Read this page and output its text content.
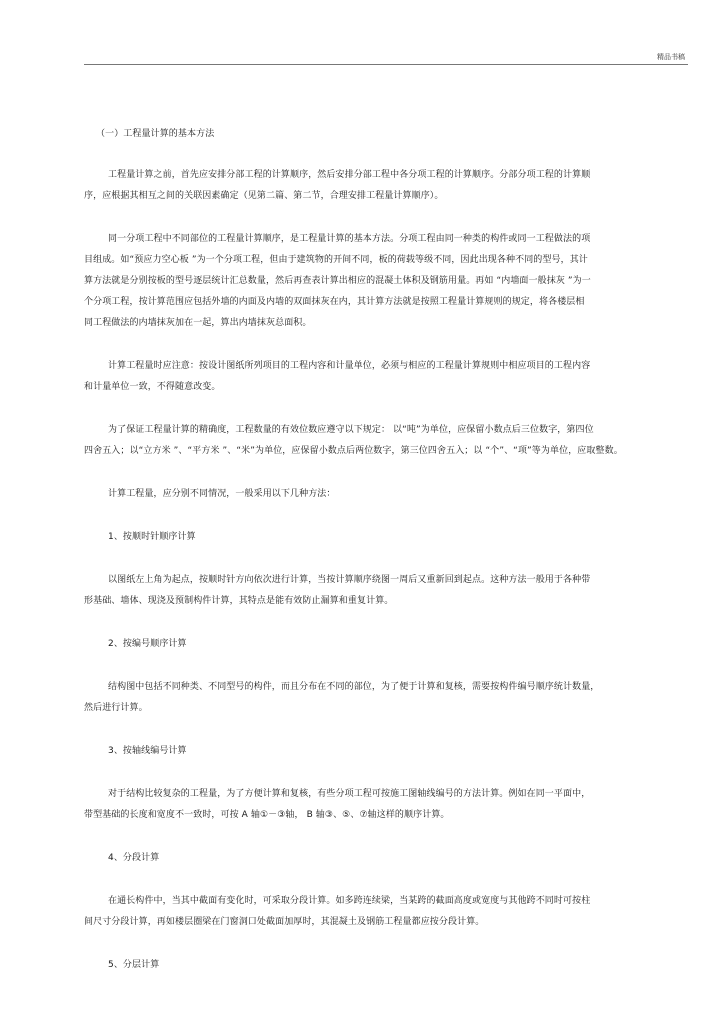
精品书稿

（一）工程量计算的基本方法

工程量计算之前，首先应安排分部工程的计算顺序，然后安排分部工程中各分项工程的计算顺序。分部分项工程的计算顺
序，应根据其相互之间的关联因素确定（见第二篇、第二节，合理安排工程量计算顺序）。

同一分项工程中不同部位的工程量计算顺序，是工程量计算的基本方法。分项工程由同一种类的构件或同一工程做法的项
目组成。如“预应力空心板 ”为一个分项工程，但由于建筑物的开间不同，板的荷载等级不同，因此出现各种不同的型号，其计
算方法就是分别按板的型号逐层统计汇总数量，然后再查表计算出相应的混凝土体积及钢筋用量。再如 “内墙面一般抹灰 ”为一
个分项工程，按计算范围应包括外墙的内面及内墙的双面抹灰在内，其计算方法就是按照工程量计算规则的规定，将各楼层相
同工程做法的内墙抹灰加在一起，算出内墙抹灰总面积。

计算工程量时应注意：按设计图纸所列项目的工程内容和计量单位，必须与相应的工程量计算规则中相应项目的工程内容
和计量单位一致，不得随意改变。

为了保证工程量计算的精确度，工程数量的有效位数应遵守以下规定： 以“吨”为单位，应保留小数点后三位数字，第四位
四舍五入；以“立方米 ”、“平方米 ”、“米”为单位，应保留小数点后两位数字，第三位四舍五入；以 “个”、“项”等为单位，应取整数。

计算工程量，应分别不同情况，一般采用以下几种方法：

1、按顺时针顺序计算

以图纸左上角为起点，按顺时针方向依次进行计算，当按计算顺序绕图一周后又重新回到起点。这种方法一般用于各种带
形基础、墙体、现浇及预制构件计算，其特点是能有效防止漏算和重复计算。

2、按编号顺序计算

结构图中包括不同种类、不同型号的构件，而且分布在不同的部位，为了便于计算和复核，需要按构件编号顺序统计数量，
然后进行计算。

3、按轴线编号计算

对于结构比较复杂的工程量，为了方便计算和复核，有些分项工程可按施工图轴线编号的方法计算。例如在同一平面中，
带型基础的长度和宽度不一致时，可按 A 轴①－③轴， B 轴③、⑤、⑦轴这样的顺序计算。

4、分段计算

在通长构件中，当其中截面有变化时，可采取分段计算。如多跨连续梁，当某跨的截面高度或宽度与其他跨不同时可按柱
间尺寸分段计算，再如楼层圈梁在门窗洞口处截面加厚时，其混凝土及钢筋工程量都应按分段计算。

5、分层计算
